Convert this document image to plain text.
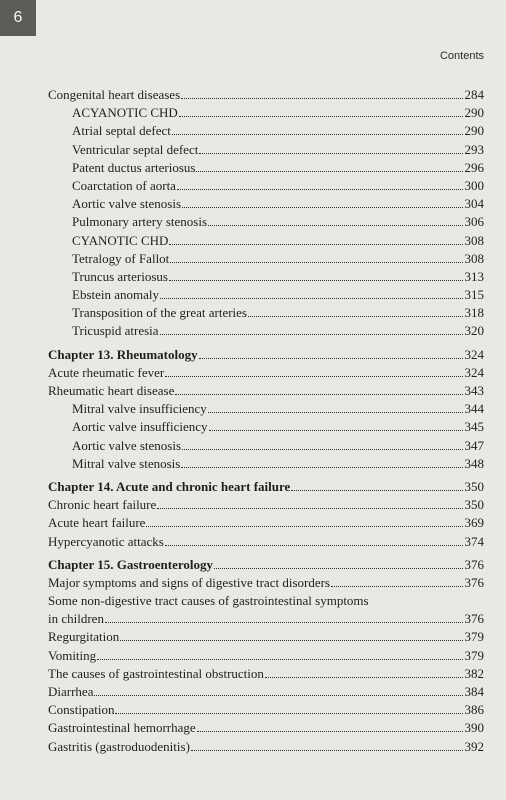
6
Contents
Congenital heart diseases	284
ACYANOTIC CHD	290
Atrial septal defect	290
Ventricular septal defect	293
Patent ductus arteriosus	296
Coarctation of aorta	300
Aortic valve stenosis	304
Pulmonary artery stenosis	306
CYANOTIC CHD	308
Tetralogy of Fallot	308
Truncus arteriosus	313
Ebstein anomaly	315
Transposition of the great arteries	318
Tricuspid atresia	320
Chapter 13. Rheumatology	324
Acute rheumatic fever	324
Rheumatic heart disease	343
Mitral valve insufficiency	344
Aortic valve insufficiency	345
Aortic valve stenosis	347
Mitral valve stenosis	348
Chapter 14. Acute and chronic heart failure	350
Chronic heart failure	350
Acute heart failure	369
Hypercyanotic attacks	374
Chapter 15. Gastroenterology	376
Major symptoms and signs of digestive tract disorders	376
Some non-digestive tract causes of gastrointestinal symptoms
in children	376
Regurgitation	379
Vomiting	379
The causes of gastrointestinal obstruction	382
Diarrhea	384
Constipation	386
Gastrointestinal hemorrhage	390
Gastritis (gastroduodenitis)	392
